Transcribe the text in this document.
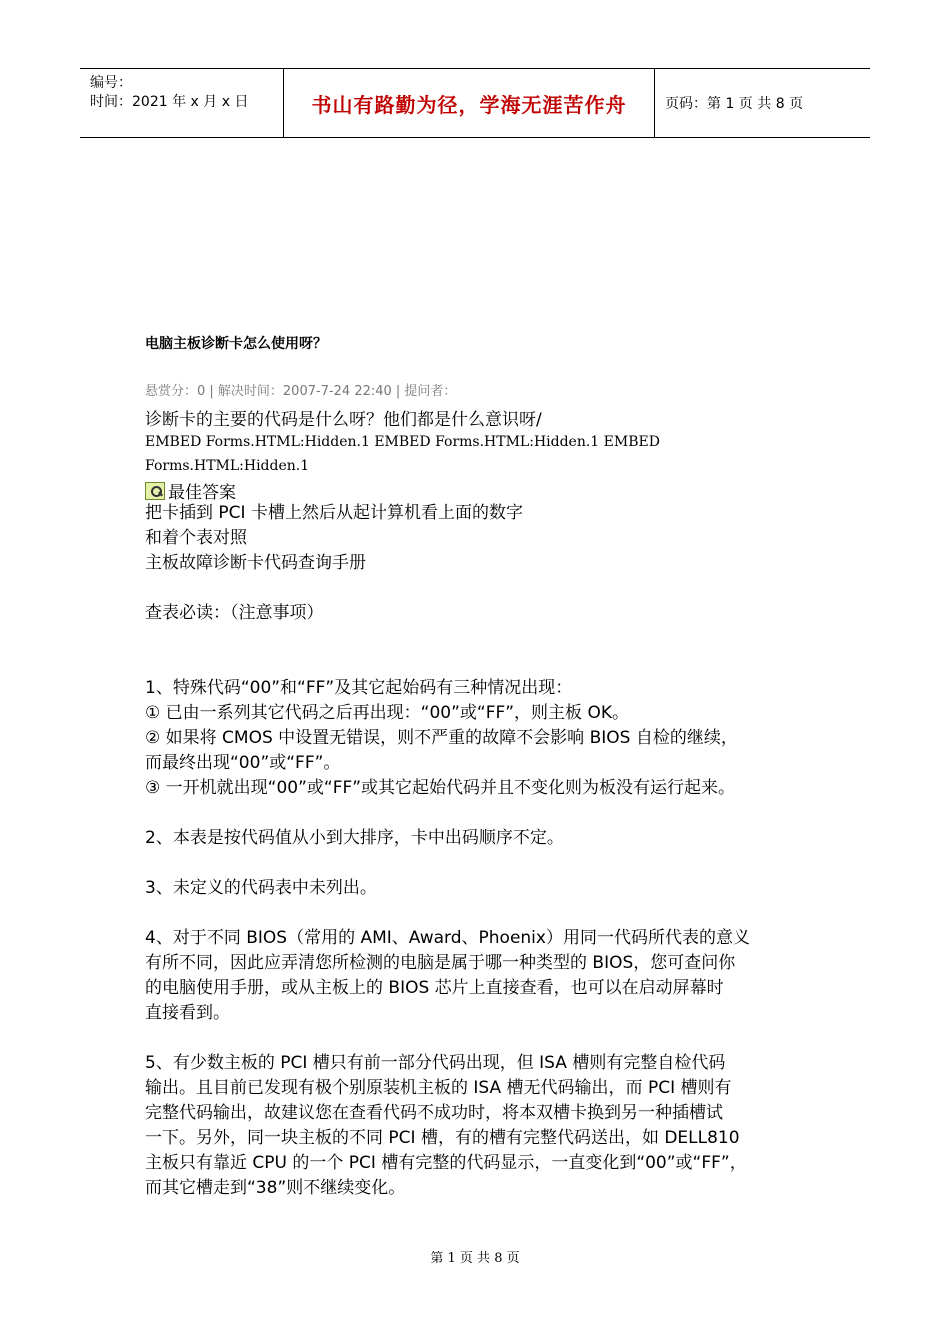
编号：
时间：2021 年 x 月 x 日	书山有路勤为径，学海无涯苦作舟	页码：第 1 页 共 8 页
电脑主板诊断卡怎么使用呀？
悬赏分：0 | 解决时间：2007-7-24 22:40 | 提问者：
诊断卡的主要的代码是什么呀？他们都是什么意识呀/
EMBED Forms.HTML:Hidden.1 EMBED Forms.HTML:Hidden.1 EMBED
Forms.HTML:Hidden.1
最佳答案
把卡插到 PCI 卡槽上然后从起计算机看上面的数字
和着个表对照
主板故障诊断卡代码查询手册
查表必读：（注意事项）
1、特殊代码“00”和“FF”及其它起始码有三种情况出现：
① 已由一系列其它代码之后再出现：“00”或“FF”，则主板 OK。
② 如果将 CMOS 中设置无错误，则不严重的故障不会影响 BIOS 自检的继续，
而最终出现“00”或“FF”。
③ 一开机就出现“00”或“FF”或其它起始代码并且不变化则为板没有运行起来。
2、本表是按代码值从小到大排序，卡中出码顺序不定。
3、未定义的代码表中未列出。
4、对于不同 BIOS（常用的 AMI、Award、Phoenix）用同一代码所代表的意义
有所不同，因此应弄清您所检测的电脑是属于哪一种类型的 BIOS，您可查问你
的电脑使用手册，或从主板上的 BIOS 芯片上直接查看，也可以在启动屏幕时
直接看到。
5、有少数主板的 PCI 槽只有前一部分代码出现，但 ISA 槽则有完整自检代码
输出。且目前已发现有极个别原装机主板的 ISA 槽无代码输出，而 PCI 槽则有
完整代码输出，故建议您在查看代码不成功时，将本双槽卡换到另一种插槽试
一下。另外，同一块主板的不同 PCI 槽，有的槽有完整代码送出，如 DELL810
主板只有靠近 CPU 的一个 PCI 槽有完整的代码显示，一直变化到“00”或“FF”，
而其它槽走到“38”则不继续变化。
第 1 页 共 8 页
